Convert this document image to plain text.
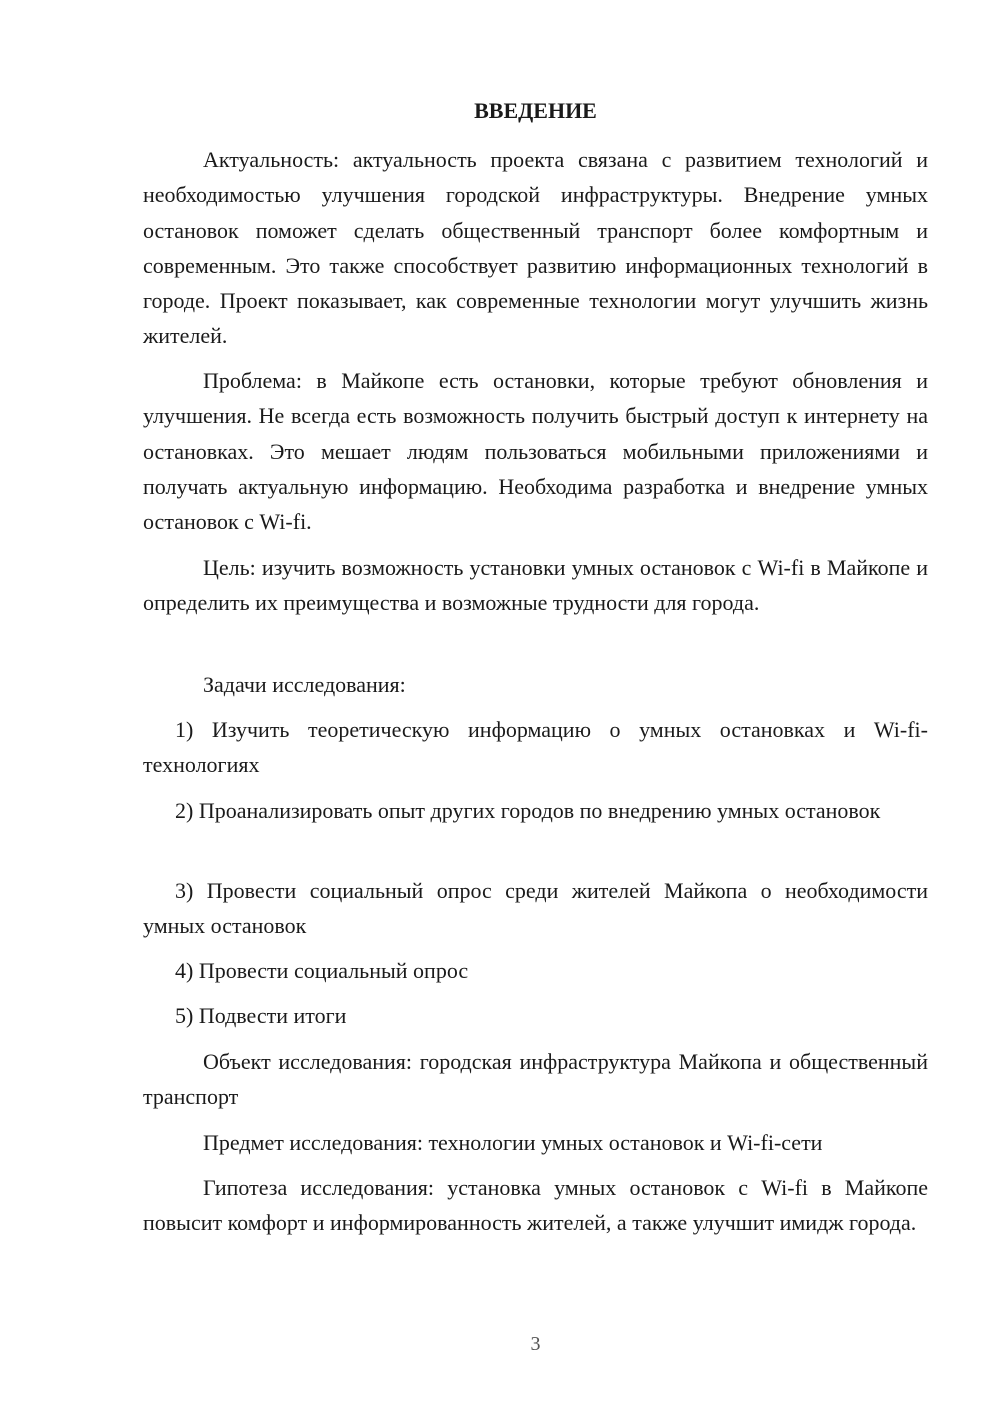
ВВЕДЕНИЕ

Актуальность: актуальность проекта связана с развитием технологий и необходимостью улучшения городской инфраструктуры. Внедрение умных остановок поможет сделать общественный транспорт более комфортным и современным. Это также способствует развитию информационных технологий в городе. Проект показывает, как современные технологии могут улучшить жизнь жителей.

Проблема: в Майкопе есть остановки, которые требуют обновления и улучшения. Не всегда есть возможность получить быстрый доступ к интернету на остановках. Это мешает людям пользоваться мобильными приложениями и получать актуальную информацию. Необходима разработка и внедрение умных остановок с Wi-fi.

Цель: изучить возможность установки умных остановок с Wi-fi в Майкопе и определить их преимущества и возможные трудности для города.

Задачи исследования:

1) Изучить теоретическую информацию о умных остановках и Wi-fi-технологиях

2) Проанализировать опыт других городов по внедрению умных остановок

3) Провести социальный опрос среди жителей Майкопа о необходимости умных остановок

4) Провести социальный опрос

5) Подвести итоги

Объект исследования: городская инфраструктура Майкопа и общественный транспорт

Предмет исследования: технологии умных остановок и Wi-fi-сети

Гипотеза исследования: установка умных остановок с Wi-fi в Майкопе повысит комфорт и информированность жителей, а также улучшит имидж города.

3
